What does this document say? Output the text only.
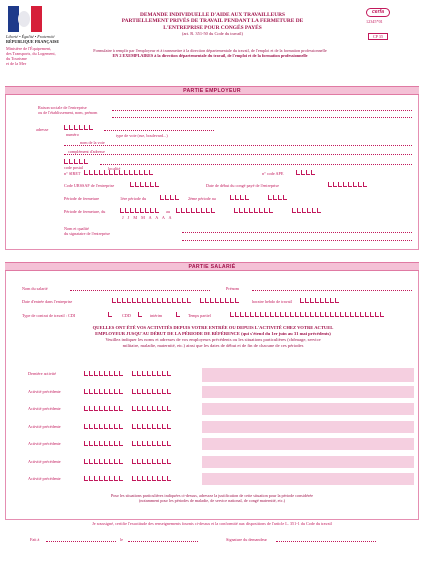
Liberté • Égalité • Fraternité
RÉPUBLIQUE FRANÇAISE
Ministère de l'Équipement,
des Transports, du Logement,
du Tourisme
et de la Mer
DEMANDE INDIVIDUELLE D'AIDE AUX TRAVAILLEURS
PARTIELLEMENT PRIVÉS DE TRAVAIL PENDANT LA FERMETURE DE
L'ENTREPRISE POUR CONGÉS PAYÉS
(art. R. 351-50 du Code du travail)
cerfa
12345*01
CP 35
Formulaire à remplir par l'employeur et à transmettre à la direction départementale du travail, de l'emploi et de la formation professionnelle
EN 2 EXEMPLAIRES à la direction départementale du travail, de l'emploi et de la formation professionnelle
PARTIE EMPLOYEUR
Raison sociale de l'entreprise
ou de l'établissement, nom, prénom
adresse
numéro	type de voie (rue, boulevard...)
nom de la voie
complément d'adresse
code postal	localité
n° SIRET	n° code APE
Code URSSAF de l'entreprise	Date de début du congé payé de l'entreprise
Période de fermeture	1ère période du	2ème période au
Période de fermeture, du	au
J J M M A A A A
Nom et qualité
du signataire de l'entreprise
PARTIE SALARIÉ
Nom du salarié	Prénom
Date d'entrée dans l'entreprise	horaire hebdo de travail
Type de contrat de travail : CDI	CDD	intérim	Temps partiel
QUELLES ONT ÉTÉ VOS ACTIVITÉS DEPUIS VOTRE ENTRÉE OU DEPUIS L'ACTIVITÉ CHEZ VOTRE ACTUEL
EMPLOYEUR JUSQU'AU DÉBUT DE LA PÉRIODE DE RÉFÉRENCE (qui s'étend du 1er juin au 31 mai précédents)
Veuillez indiquer les noms et adresses de vos employeurs précédents ou les situations particulières (chômage, service
militaire, maladie, maternité, etc.) ainsi que les dates de début et de fin de chacune de ces périodes
Dernière activité
Activité précédente
Activité précédente
Activité précédente
Activité précédente
Activité précédente
Activité précédente
Pour les situations particulières indiquées ci-dessus, adressez la justification de cette situation pour la période considérée
(notamment pour les périodes de maladie, de service national, de congé maternité, etc.)
Je soussigné, certifie l'exactitude des renseignements fournis ci-dessus et la conformité aux dispositions de l'article L. 351-1 du Code du travail
Fait à	le	Signature du demandeur
